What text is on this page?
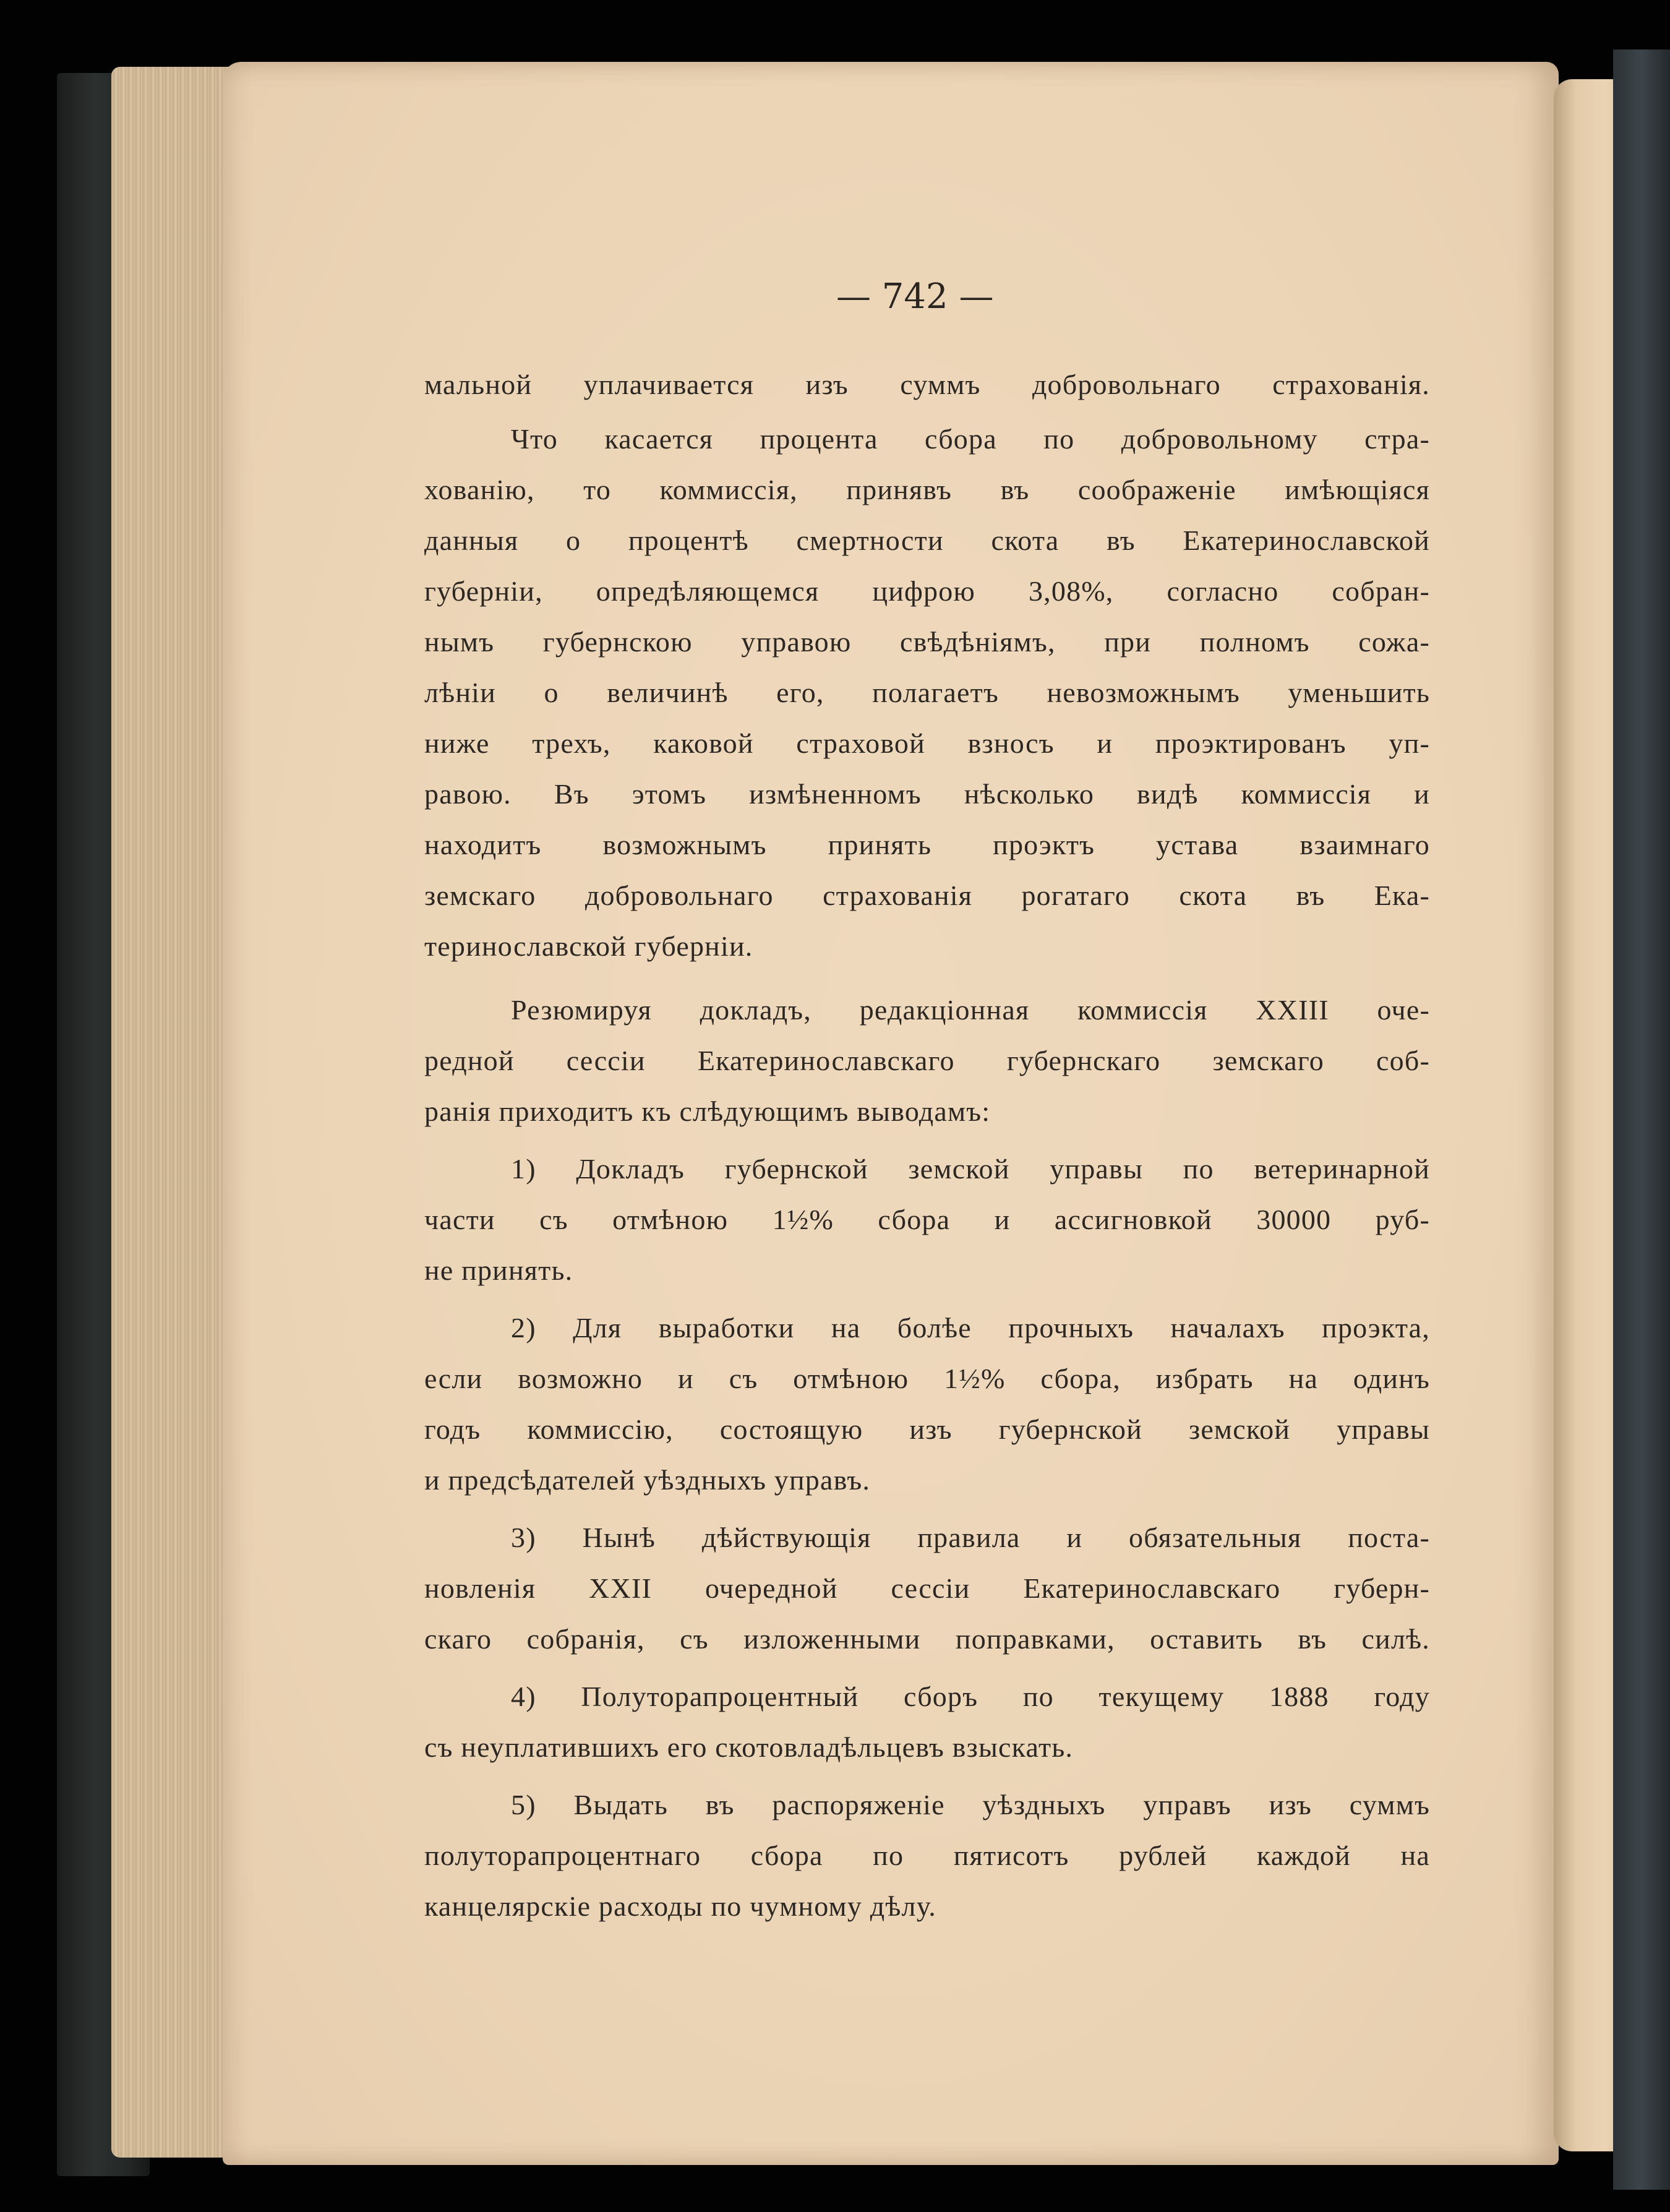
— 742 —
мальной уплачивается изъ суммъ добровольнаго страхованія.
Что касается процента сбора по добровольному стра-
хованію, то коммиссія, принявъ въ соображеніе имѣющіяся
данныя о процентѣ смертности скота въ Екатеринославской
губерніи, опредѣляющемся цифрою 3,08%, согласно собран-
нымъ губернскою управою свѣдѣніямъ, при полномъ сожа-
лѣніи о величинѣ его, полагаетъ невозможнымъ уменьшить
ниже трехъ, каковой страховой взносъ и проэктированъ уп-
равою. Въ этомъ измѣненномъ нѣсколько видѣ коммиссія и
находитъ возможнымъ принять проэктъ устава взаимнаго
земскаго добровольнаго страхованія рогатаго скота въ Ека-
теринославской губерніи.
Резюмируя докладъ, редакціонная коммиссія XXIII оче-
редной сессіи Екатеринославскаго губернскаго земскаго соб-
ранія приходитъ къ слѣдующимъ выводамъ:
1) Докладъ губернской земской управы по ветеринарной
части съ отмѣною 1½% сбора и ассигновкой 30000 руб-
не принять.
2) Для выработки на болѣе прочныхъ началахъ проэкта,
если возможно и съ отмѣною 1½% сбора, избрать на одинъ
годъ коммиссію, состоящую изъ губернской земской управы
и предсѣдателей уѣздныхъ управъ.
3) Нынѣ дѣйствующія правила и обязательныя поста-
новленія XXII очередной сессіи Екатеринославскаго губерн-
скаго собранія, съ изложенными поправками, оставить въ силѣ.
4) Полуторапроцентный сборъ по текущему 1888 году
съ неуплатившихъ его скотовладѣльцевъ взыскать.
5) Выдать въ распоряженіе уѣздныхъ управъ изъ суммъ
полуторапроцентнаго сбора по пятисотъ рублей каждой на
канцелярскіе расходы по чумному дѣлу.
